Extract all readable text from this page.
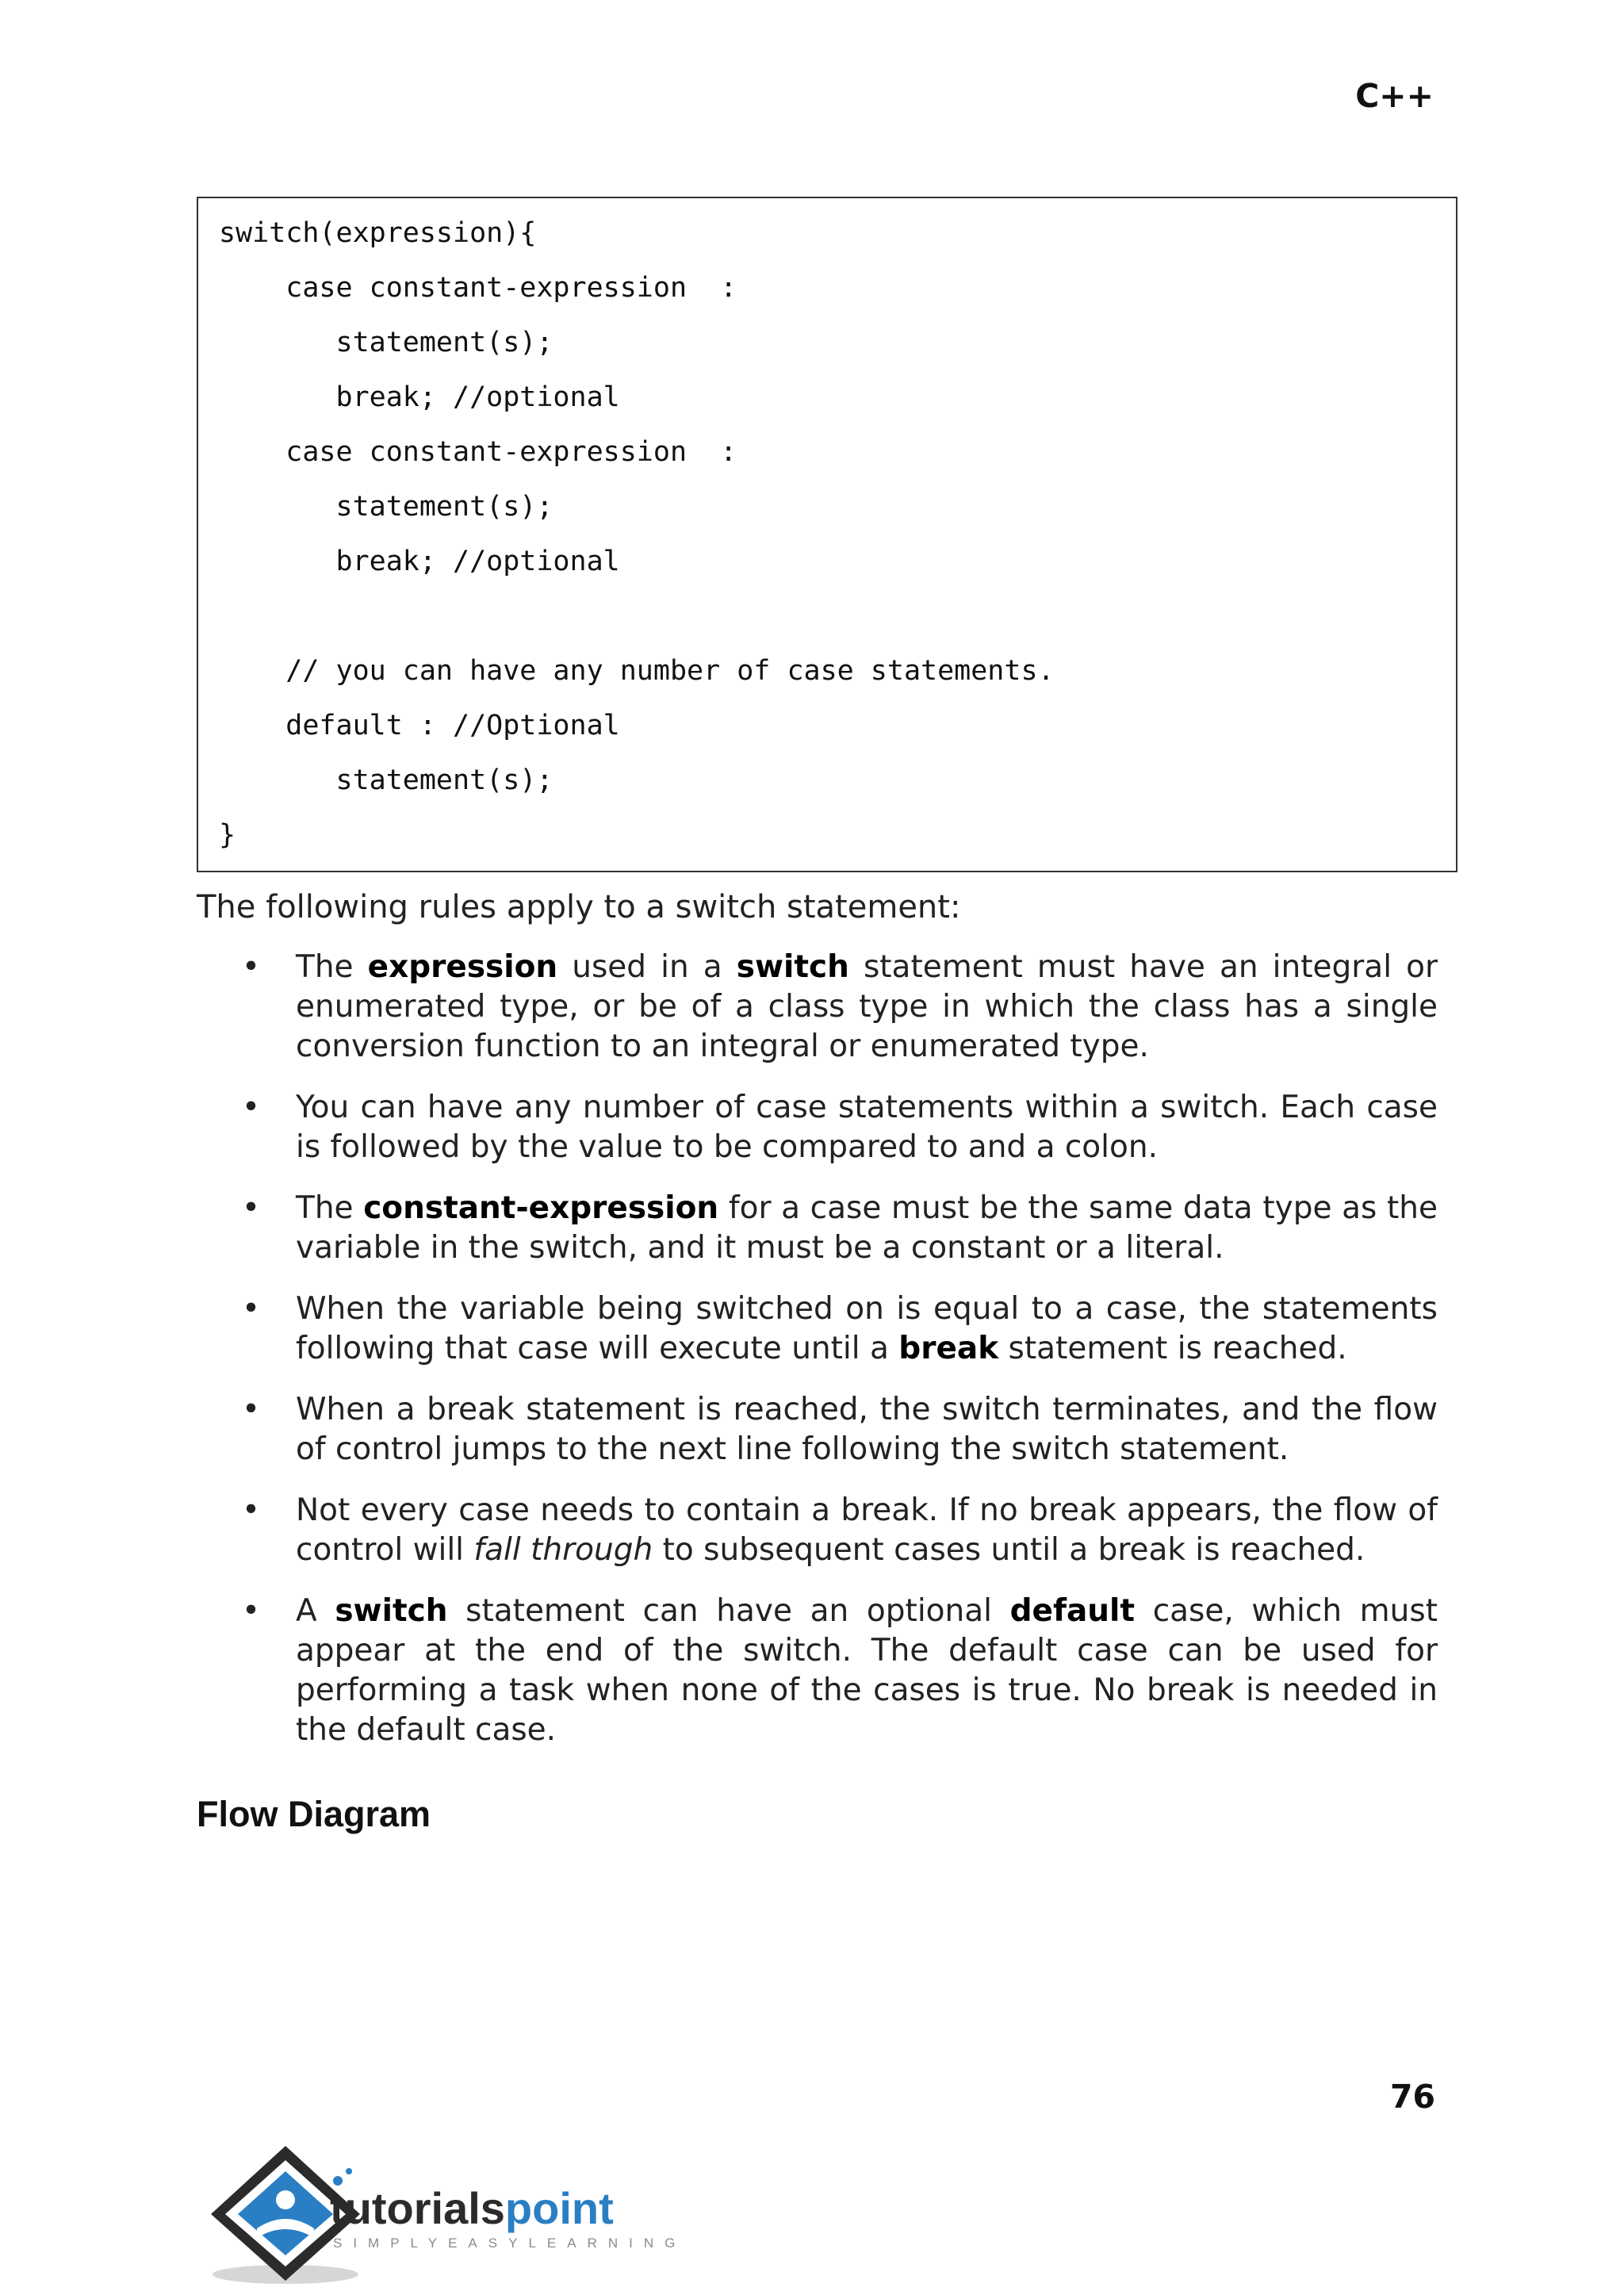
C++
switch(expression){
case constant-expression  :
statement(s);
break; //optional
case constant-expression  :
statement(s);
break; //optional
// you can have any number of case statements.
default : //Optional
statement(s);
}

The following rules apply to a switch statement:

• The expression used in a switch statement must have an integral or enumerated type, or be of a class type in which the class has a single conversion function to an integral or enumerated type.
• You can have any number of case statements within a switch. Each case is followed by the value to be compared to and a colon.
• The constant-expression for a case must be the same data type as the variable in the switch, and it must be a constant or a literal.
• When the variable being switched on is equal to a case, the statements following that case will execute until a break statement is reached.
• When a break statement is reached, the switch terminates, and the flow of control jumps to the next line following the switch statement.
• Not every case needs to contain a break. If no break appears, the flow of control will fall through to subsequent cases until a break is reached.
• A switch statement can have an optional default case, which must appear at the end of the switch. The default case can be used for performing a task when none of the cases is true. No break is needed in the default case.
Flow Diagram
76
tutorialspoint
SIMPLYEASYLEARNING
